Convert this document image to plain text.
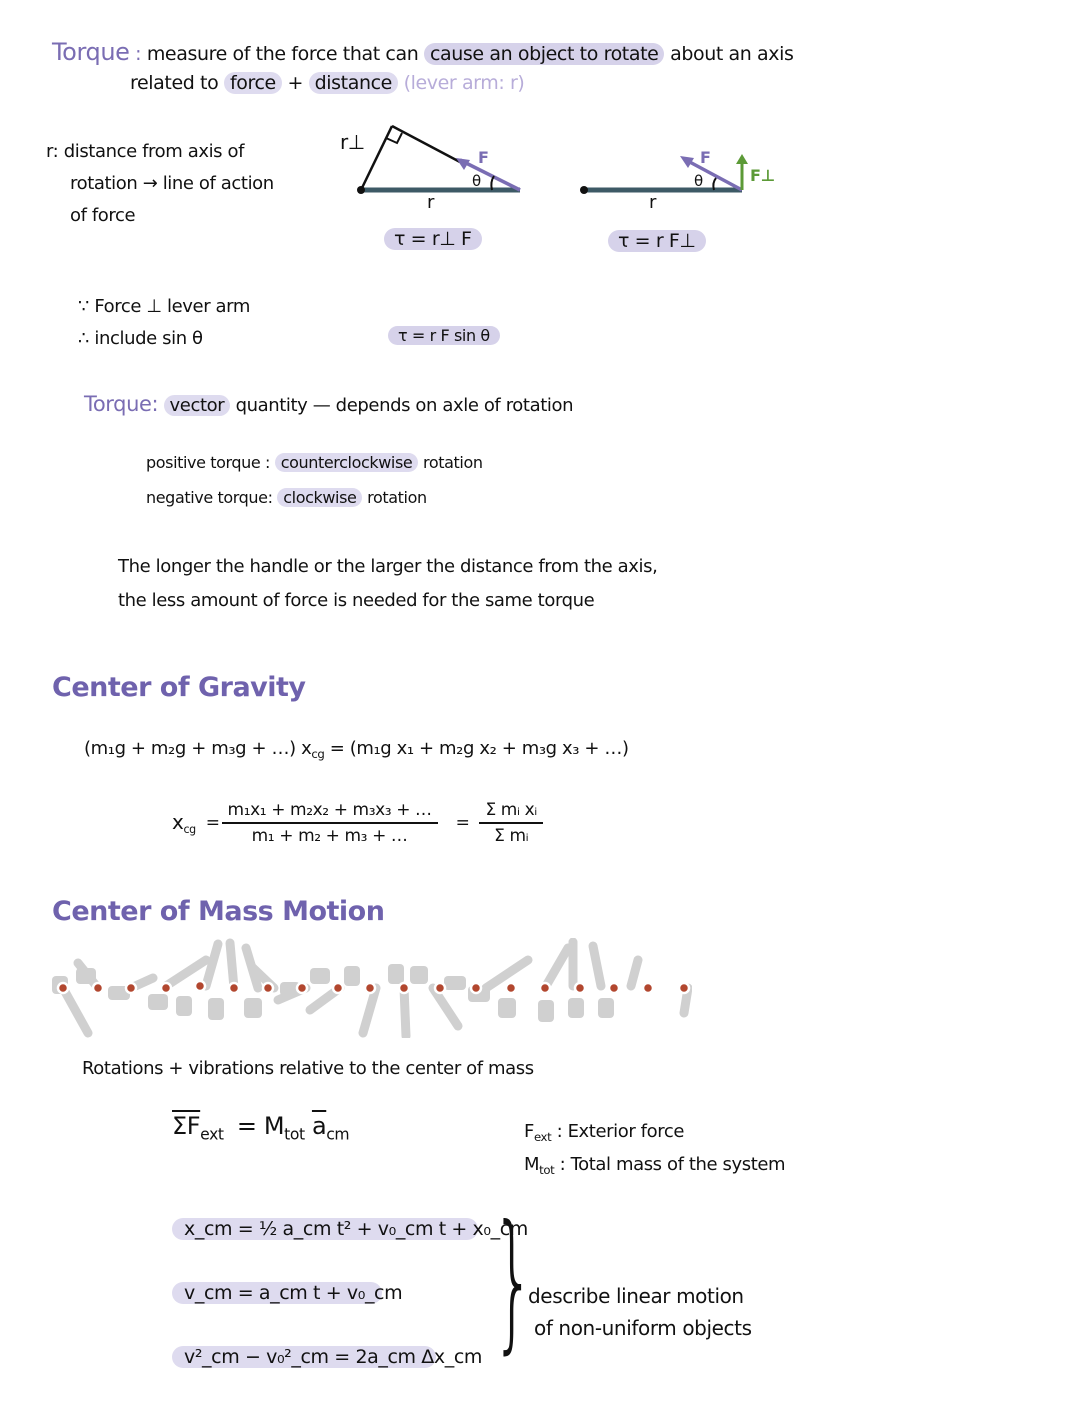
Torque : measure of the force that can cause an object to rotate about an axis
related to force + distance (lever arm: r)
r: distance from axis of
rotation → line of action
of force
r⊥
F
θ
r
τ = r⊥ F
F
θ	F⊥
r
τ = r F⊥
∵ Force ⊥ lever arm
∴ include sin θ	τ = r F sin θ
Torque: vector quantity — depends on axle of rotation
positive torque : counterclockwise rotation
negative torque: clockwise rotation
The longer the handle or the larger the distance from the axis,
the less amount of force is needed for the same torque
Center of Gravity
(m₁g + m₂g + m₃g + …) $x_{cg} = (m_1g$ x₁ + m₂g x₂ + m₃g x₃ + …)
$x_{cg} = \frac{\text{m₁x₁ + m₂x₂ + m₃x₃ + …}}{\text{m₁ + m₂ + m₃ + …}} = \frac{\text{Σ mᵢ xᵢ}}{\text{Σ mᵢ}}$
Center of Mass Motion
Rotations + vibrations relative to the center of mass
$\overline{\Sigma F}_{ext} = M_{tot}$ $\overline{a}_{cm}$	$F_{ext}$ : Exterior force
$M_{tot}$ : Total mass of the system
x_cm = ½ a_cm t² + v₀_cm t + x₀_cm
v_cm = a_cm t + v₀_cm
v²_cm − v₀²_cm = 2a_cm Δx_cm }
describe linear motion
of non-uniform objects
